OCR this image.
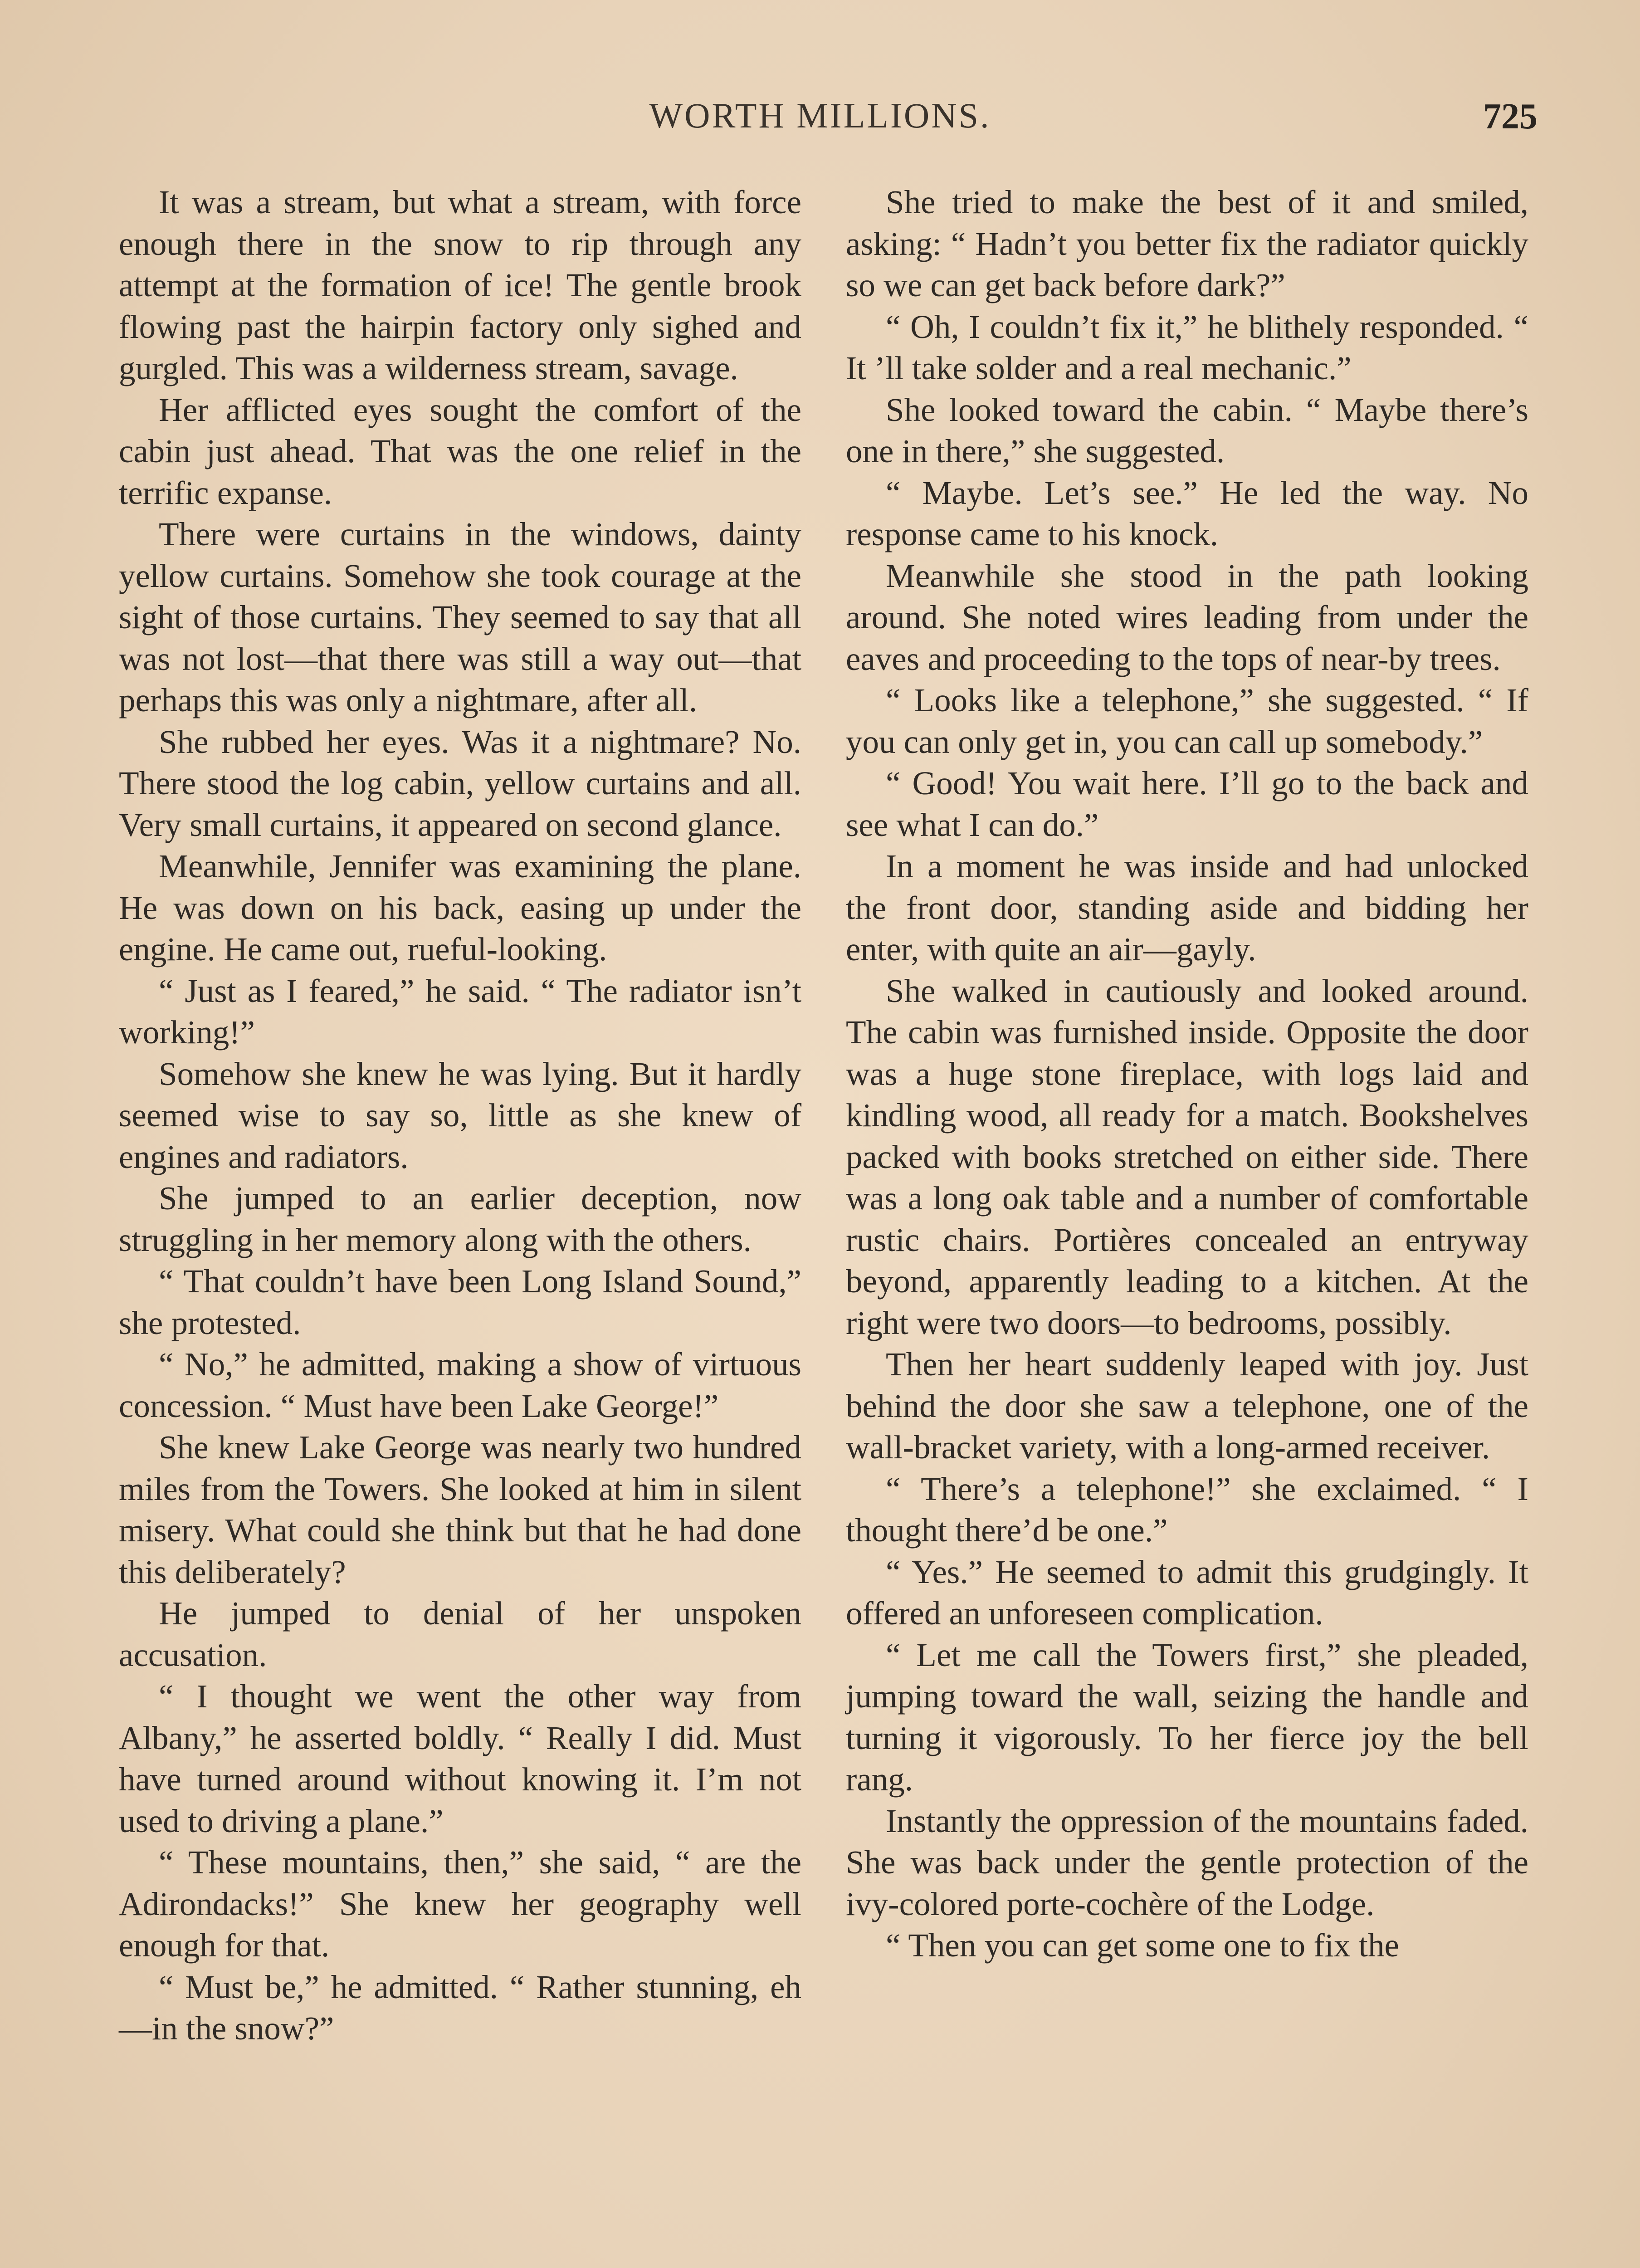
WORTH MILLIONS.	725

It was a stream, but what a stream, with force enough there in the snow to rip through any attempt at the formation of ice! The gentle brook flowing past the hairpin factory only sighed and gurgled. This was a wilderness stream, savage.

Her afflicted eyes sought the comfort of the cabin just ahead. That was the one relief in the terrific expanse.

There were curtains in the windows, dainty yellow curtains. Somehow she took courage at the sight of those curtains. They seemed to say that all was not lost—that there was still a way out—that perhaps this was only a nightmare, after all.

She rubbed her eyes. Was it a nightmare? No. There stood the log cabin, yellow curtains and all. Very small curtains, it appeared on second glance.

Meanwhile, Jennifer was examining the plane. He was down on his back, easing up under the engine. He came out, rueful-looking.

“ Just as I feared,” he said. “ The radiator isn’t working!”

Somehow she knew he was lying. But it hardly seemed wise to say so, little as she knew of engines and radiators.

She jumped to an earlier deception, now struggling in her memory along with the others.

“ That couldn’t have been Long Island Sound,” she protested.

“ No,” he admitted, making a show of virtuous concession. “ Must have been Lake George!”

She knew Lake George was nearly two hundred miles from the Towers. She looked at him in silent misery. What could she think but that he had done this deliberately?

He jumped to denial of her unspoken accusation.

“ I thought we went the other way from Albany,” he asserted boldly. “ Really I did. Must have turned around without knowing it. I’m not used to driving a plane.”

“ These mountains, then,” she said, “ are the Adirondacks!” She knew her geography well enough for that.

“ Must be,” he admitted. “ Rather stunning, eh—in the snow?”

She tried to make the best of it and smiled, asking: “ Hadn’t you better fix the radiator quickly so we can get back before dark?”

“ Oh, I couldn’t fix it,” he blithely responded. “ It ’ll take solder and a real mechanic.”

She looked toward the cabin. “ Maybe there’s one in there,” she suggested.

“ Maybe. Let’s see.” He led the way. No response came to his knock.

Meanwhile she stood in the path looking around. She noted wires leading from under the eaves and proceeding to the tops of near-by trees.

“ Looks like a telephone,” she suggested. “ If you can only get in, you can call up somebody.”

“ Good! You wait here. I’ll go to the back and see what I can do.”

In a moment he was inside and had unlocked the front door, standing aside and bidding her enter, with quite an air—gayly.

She walked in cautiously and looked around. The cabin was furnished inside. Opposite the door was a huge stone fireplace, with logs laid and kindling wood, all ready for a match. Bookshelves packed with books stretched on either side. There was a long oak table and a number of comfortable rustic chairs. Portières concealed an entryway beyond, apparently leading to a kitchen. At the right were two doors—to bedrooms, possibly.

Then her heart suddenly leaped with joy. Just behind the door she saw a telephone, one of the wall-bracket variety, with a long-armed receiver.

“ There’s a telephone!” she exclaimed. “ I thought there’d be one.”

“ Yes.” He seemed to admit this grudgingly. It offered an unforeseen complication.

“ Let me call the Towers first,” she pleaded, jumping toward the wall, seizing the handle and turning it vigorously. To her fierce joy the bell rang.

Instantly the oppression of the mountains faded. She was back under the gentle protection of the ivy-colored porte-cochère of the Lodge.

“ Then you can get some one to fix the
